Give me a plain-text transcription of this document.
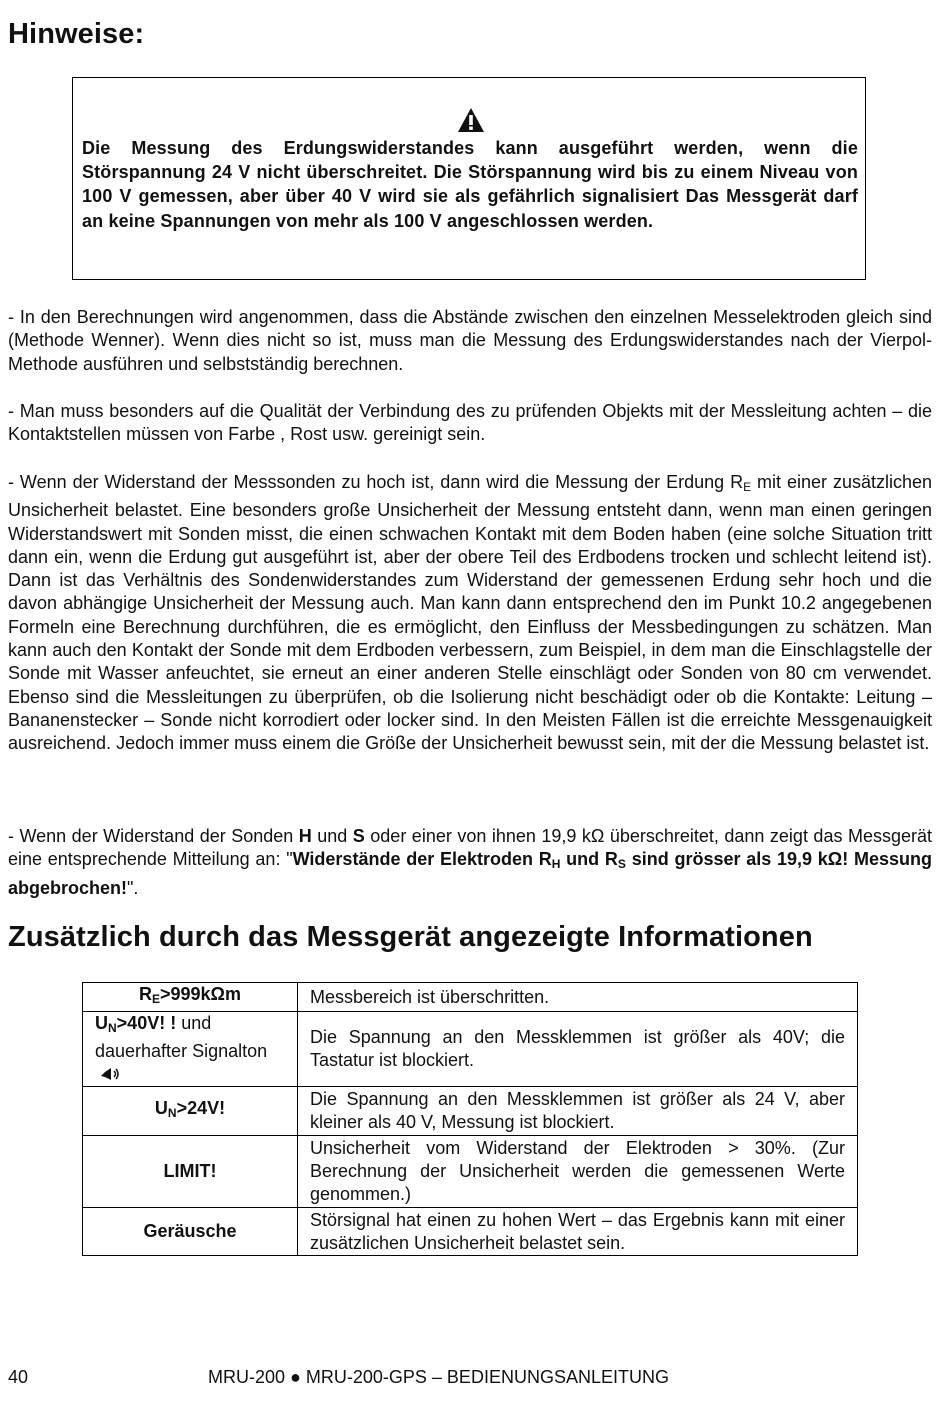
Hinweise:
Die Messung des Erdungswiderstandes kann ausgeführt werden, wenn die Störspannung 24 V nicht überschreitet. Die Störspannung wird bis zu einem Niveau von 100 V gemessen, aber über 40 V wird sie als gefährlich signalisiert Das Messgerät darf an keine Spannungen von mehr als 100 V angeschlossen werden.

- In den Berechnungen wird angenommen, dass die Abstände zwischen den einzelnen Messelektroden gleich sind (Methode Wenner). Wenn dies nicht so ist, muss man die Messung des Erdungswiderstandes nach der Vierpol-Methode ausführen und selbstständig berechnen.

- Man muss besonders auf die Qualität der Verbindung des zu prüfenden Objekts mit der Messleitung achten – die Kontaktstellen müssen von Farbe , Rost usw. gereinigt sein.

- Wenn der Widerstand der Messsonden zu hoch ist, dann wird die Messung der Erdung $R_E$ mit einer zusätzlichen Unsicherheit belastet. Eine besonders große Unsicherheit der Messung entsteht dann, wenn man einen geringen Widerstandswert mit Sonden misst, die einen schwachen Kontakt mit dem Boden haben (eine solche Situation tritt dann ein, wenn die Erdung gut ausgeführt ist, aber der obere Teil des Erdbodens trocken und schlecht leitend ist). Dann ist das Verhältnis des Sondenwiderstandes zum Widerstand der gemessenen Erdung sehr hoch und die davon abhängige Unsicherheit der Messung auch. Man kann dann entsprechend den im Punkt 10.2 angegebenen Formeln eine Berechnung durchführen, die es ermöglicht, den Einfluss der Messbedingungen zu schätzen. Man kann auch den Kontakt der Sonde mit dem Erdboden verbessern, zum Beispiel, in dem man die Einschlagstelle der Sonde mit Wasser anfeuchtet, sie erneut an einer anderen Stelle einschlägt oder Sonden von 80 cm verwendet. Ebenso sind die Messleitungen zu überprüfen, ob die Isolierung nicht beschädigt oder ob die Kontakte: Leitung – Bananenstecker – Sonde nicht korrodiert oder locker sind. In den Meisten Fällen ist die erreichte Messgenauigkeit ausreichend. Jedoch immer muss einem die Größe der Unsicherheit bewusst sein, mit der die Messung belastet ist.

- Wenn der Widerstand der Sonden H und S oder einer von ihnen 19,9 kΩ überschreitet, dann zeigt das Messgerät eine entsprechende Mitteilung an: "Widerstände der Elektroden $R_H$ und $R_S$ sind grösser als 19,9 kΩ! Messung abgebrochen!".

Zusätzlich durch das Messgerät angezeigte Informationen
$R_E>999k\Omega m$	Messbereich ist überschritten.
$U_N>40V$! ! und dauerhafter Signalton	Die Spannung an den Messklemmen ist größer als 40V; die Tastatur ist blockiert.
$U_N>24V$!	Die Spannung an den Messklemmen ist größer als 24 V, aber kleiner als 40 V, Messung ist blockiert.
LIMIT!	Unsicherheit vom Widerstand der Elektroden > 30%. (Zur Berechnung der Unsicherheit werden die gemessenen Werte genommen.)
Geräusche	Störsignal hat einen zu hohen Wert – das Ergebnis kann mit einer zusätzlichen Unsicherheit belastet sein.
40	MRU-200 ● MRU-200-GPS – BEDIENUNGSANLEITUNG
